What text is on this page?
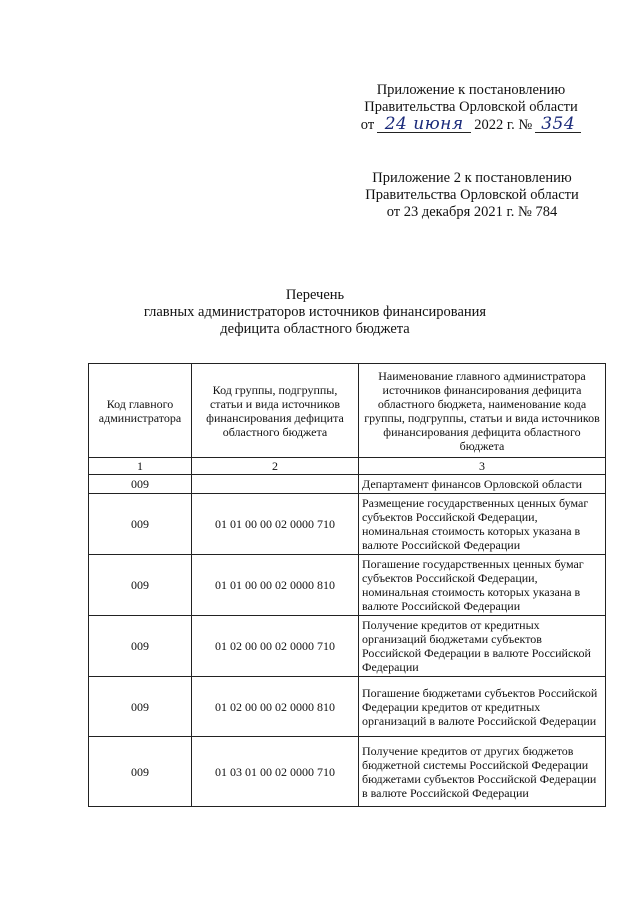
Приложение к постановлению
Правительства Орловской области
от 24 июня 2022 г. № 354
Приложение 2 к постановлению
Правительства Орловской области
от 23 декабря 2021 г. № 784
Перечень
главных администраторов источников финансирования
дефицита областного бюджета
Код главного администратора	Код группы, подгруппы, статьи и вида источников финансирования дефицита областного бюджета	Наименование главного администратора источников финансирования дефицита областного бюджета, наименование кода группы, подгруппы, статьи и вида источников финансирования дефицита областного бюджета
1	2	3
009		Департамент финансов Орловской области
009	01 01 00 00 02 0000 710	Размещение государственных ценных бумаг субъектов Российской Федерации, номинальная стоимость которых указана в валюте Российской Федерации
009	01 01 00 00 02 0000 810	Погашение государственных ценных бумаг субъектов Российской Федерации, номинальная стоимость которых указана в валюте Российской Федерации
009	01 02 00 00 02 0000 710	Получение кредитов от кредитных организаций бюджетами субъектов Российской Федерации в валюте Российской Федерации
009	01 02 00 00 02 0000 810	Погашение бюджетами субъектов Российской Федерации кредитов от кредитных организаций в валюте Российской Федерации
009	01 03 01 00 02 0000 710	Получение кредитов от других бюджетов бюджетной системы Российской Федерации бюджетами субъектов Российской Федерации в валюте Российской Федерации
